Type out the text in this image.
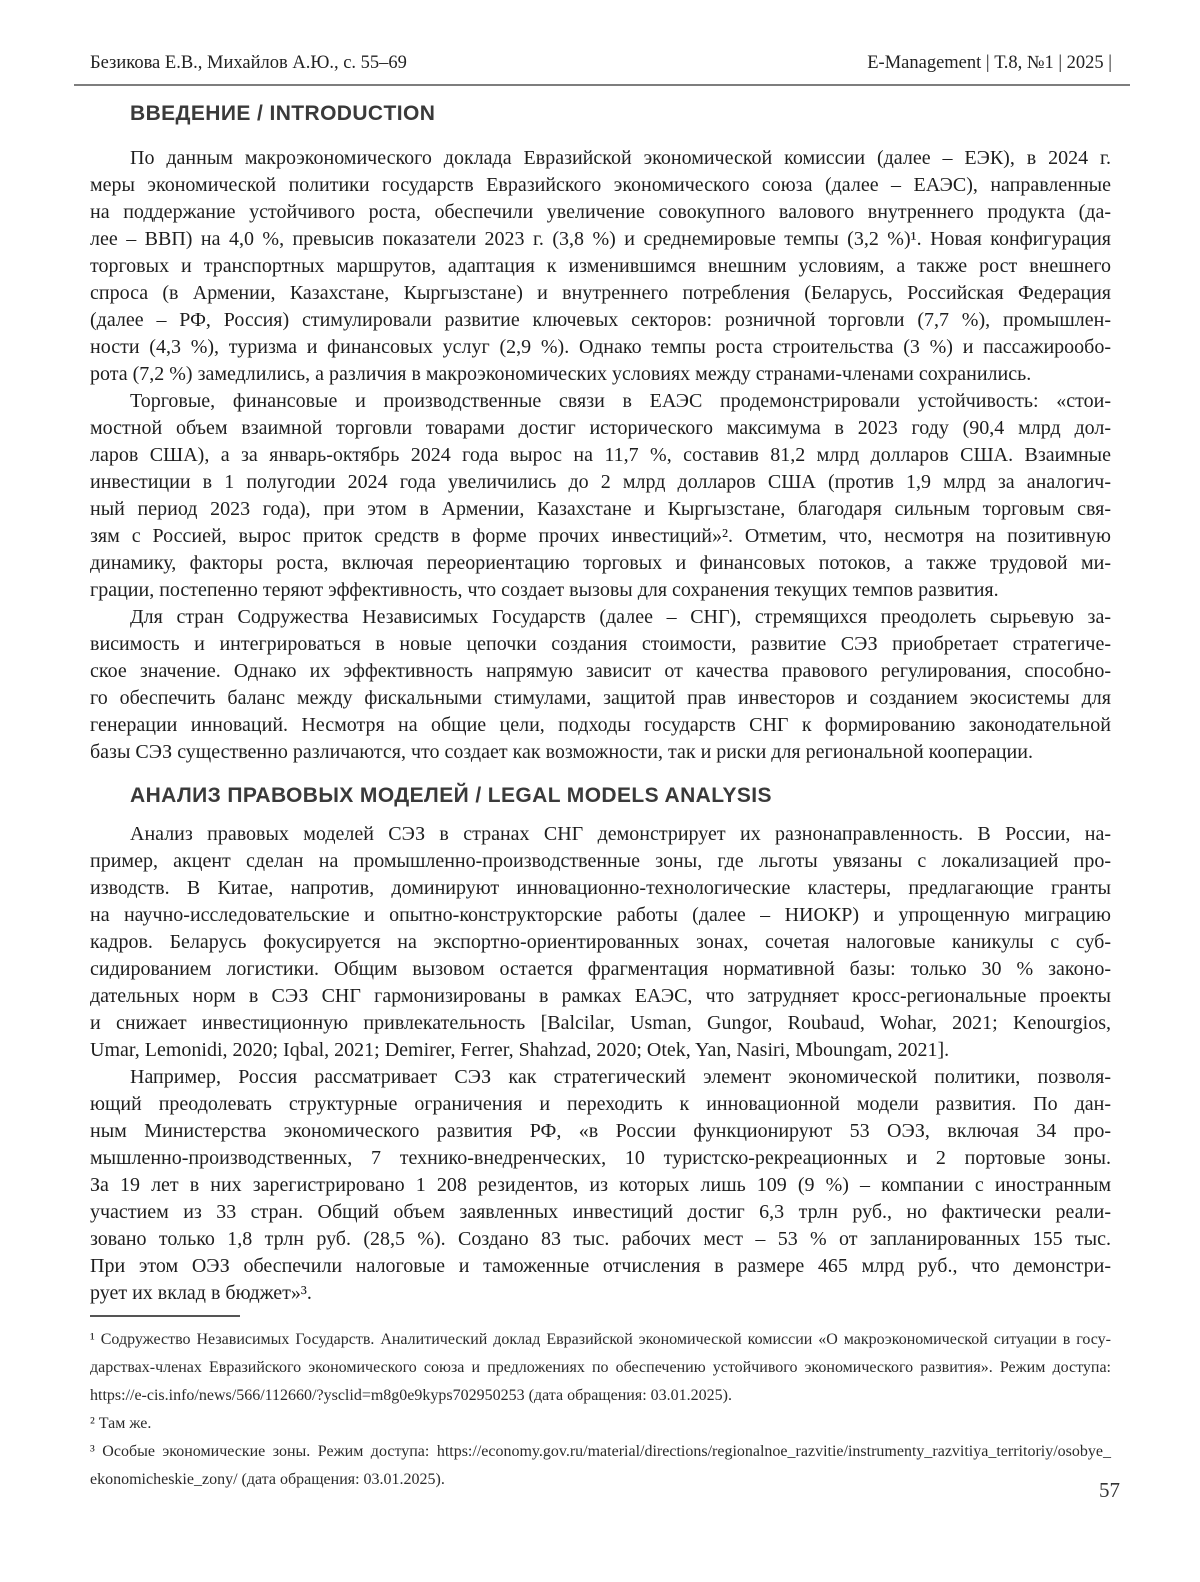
Безикова Е.В., Михайлов А.Ю., с. 55–69	E-Management | Т.8, №1 | 2025 |
ВВЕДЕНИЕ / INTRODUCTION
По данным макроэкономического доклада Евразийской экономической комиссии (далее – ЕЭК), в 2024 г.
меры экономической политики государств Евразийского экономического союза (далее – ЕАЭС), направленные
на поддержание устойчивого роста, обеспечили увеличение совокупного валового внутреннего продукта (да-
лее – ВВП) на 4,0 %, превысив показатели 2023 г. (3,8 %) и среднемировые темпы (3,2 %)¹. Новая конфигурация
торговых и транспортных маршрутов, адаптация к изменившимся внешним условиям, а также рост внешнего
спроса (в Армении, Казахстане, Кыргызстане) и внутреннего потребления (Беларусь, Российская Федерация
(далее – РФ, Россия) стимулировали развитие ключевых секторов: розничной торговли (7,7 %), промышлен-
ности (4,3 %), туризма и финансовых услуг (2,9 %). Однако темпы роста строительства (3 %) и пассажирообо-
рота (7,2 %) замедлились, а различия в макроэкономических условиях между странами-членами сохранились.
Торговые, финансовые и производственные связи в ЕАЭС продемонстрировали устойчивость: «стои-
мостной объем взаимной торговли товарами достиг исторического максимума в 2023 году (90,4 млрд дол-
ларов США), а за январь-октябрь 2024 года вырос на 11,7 %, составив 81,2 млрд долларов США. Взаимные
инвестиции в 1 полугодии 2024 года увеличились до 2 млрд долларов США (против 1,9 млрд за аналогич-
ный период 2023 года), при этом в Армении, Казахстане и Кыргызстане, благодаря сильным торговым свя-
зям с Россией, вырос приток средств в форме прочих инвестиций»². Отметим, что, несмотря на позитивную
динамику, факторы роста, включая переориентацию торговых и финансовых потоков, а также трудовой ми-
грации, постепенно теряют эффективность, что создает вызовы для сохранения текущих темпов развития.
Для стран Содружества Независимых Государств (далее – СНГ), стремящихся преодолеть сырьевую за-
висимость и интегрироваться в новые цепочки создания стоимости, развитие СЭЗ приобретает стратегиче-
ское значение. Однако их эффективность напрямую зависит от качества правового регулирования, способно-
го обеспечить баланс между фискальными стимулами, защитой прав инвесторов и созданием экосистемы для
генерации инноваций. Несмотря на общие цели, подходы государств СНГ к формированию законодательной
базы СЭЗ существенно различаются, что создает как возможности, так и риски для региональной кооперации.
АНАЛИЗ ПРАВОВЫХ МОДЕЛЕЙ / LEGAL MODELS ANALYSIS
Анализ правовых моделей СЭЗ в странах СНГ демонстрирует их разнонаправленность. В России, на-
пример, акцент сделан на промышленно-производственные зоны, где льготы увязаны с локализацией про-
изводств. В Китае, напротив, доминируют инновационно-технологические кластеры, предлагающие гранты
на научно-исследовательские и опытно-конструкторские работы (далее – НИОКР) и упрощенную миграцию
кадров. Беларусь фокусируется на экспортно-ориентированных зонах, сочетая налоговые каникулы с суб-
сидированием логистики. Общим вызовом остается фрагментация нормативной базы: только 30 % законо-
дательных норм в СЭЗ СНГ гармонизированы в рамках ЕАЭС, что затрудняет кросс-региональные проекты
и снижает инвестиционную привлекательность [Balcilar, Usman, Gungor, Roubaud, Wohar, 2021; Kenourgios,
Umar, Lemonidi, 2020; Iqbal, 2021; Demirer, Ferrer, Shahzad, 2020; Otek, Yan, Nasiri, Mboungam, 2021].
Например, Россия рассматривает СЭЗ как стратегический элемент экономической политики, позволя-
ющий преодолевать структурные ограничения и переходить к инновационной модели развития. По дан-
ным Министерства экономического развития РФ, «в России функционируют 53 ОЭЗ, включая 34 про-
мышленно-производственных, 7 технико-внедренческих, 10 туристско-рекреационных и 2 портовые зоны.
За 19 лет в них зарегистрировано 1 208 резидентов, из которых лишь 109 (9 %) – компании с иностранным
участием из 33 стран. Общий объем заявленных инвестиций достиг 6,3 трлн руб., но фактически реали-
зовано только 1,8 трлн руб. (28,5 %). Создано 83 тыс. рабочих мест – 53 % от запланированных 155 тыс.
При этом ОЭЗ обеспечили налоговые и таможенные отчисления в размере 465 млрд руб., что демонстри-
рует их вклад в бюджет»³.
¹ Содружество Независимых Государств. Аналитический доклад Евразийской экономической комиссии «О макроэкономической ситуации в госу-
дарствах-членах Евразийского экономического союза и предложениях по обеспечению устойчивого экономического развития». Режим доступа:
https://e-cis.info/news/566/112660/?ysclid=m8g0e9kyps702950253 (дата обращения: 03.01.2025).
² Там же.
³ Особые экономические зоны. Режим доступа: https://economy.gov.ru/material/directions/regionalnoe_razvitie/instrumenty_razvitiya_territoriy/osobye_
ekonomicheskie_zony/ (дата обращения: 03.01.2025).	57
